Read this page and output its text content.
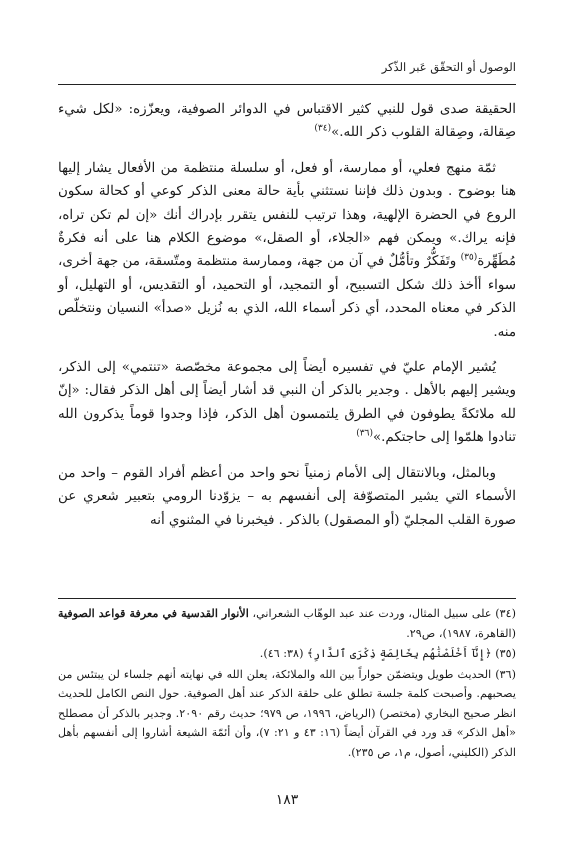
الوصول أو التحقّق عَبر الذّكر

الحقيقة صدى قول للنبي كثير الاقتباس في الدوائر الصوفية، ويعزّزه: «لكل شيء صِقالة، وصِقالة القلوب ذكر الله.»$^{(٣٤)}$

ثمّة منهج فعلي، أو ممارسة، أو فعل، أو سلسلة منتظمة من الأفعال يشار إليها هنا بوضوح . وبدون ذلك فإننا نستثني بأية حالة معنى الذكر كوعي أو كحالة سكون الروع في الحضرة الإلهية، وهذا ترتيب للنفس يتقرر بإدراك أنك «إن لم تكن تراه، فإنه يراك.» ويمكن فهم «الجلاء، أو الصقل،» موضوع الكلام هنا على أنه فكرةٌ مُطَهِّرة$^{(٣٥)}$ وتَفَكُّرٌ وتأمُّلٌ في آن من جهة، وممارسة منتظمة ومتّسقة، من جهة أخرى، سواء أأخذ ذلك شكل التسبيح، أو التمجيد، أو التحميد، أو التقديس، أو التهليل، أو الذكر في معناه المحدد، أي ذكر أسماء الله، الذي به نُزيل «صدأ» النسيان ونتخلّص منه.

يُشير الإمام عليّ في تفسيره أيضاً إلى مجموعة مخصّصة «تنتمي» إلى الذكر، ويشير إليهم بالأهل . وجدير بالذكر أن النبي قد أشار أيضاً إلى أهل الذكر فقال: «إنّ لله ملائكةً يطوفون في الطرق يلتمسون أهل الذكر، فإذا وجدوا قوماً يذكرون الله تنادوا هلمّوا إلى حاجتكم.»$^{(٣٦)}$

وبالمثل، وبالانتقال إلى الأمام زمنياً نحو واحد من أعظم أفراد القوم – واحد من الأسماء التي يشير المتصوّفة إلى أنفسهم به – يزوّدنا الرومي بتعبير شعري عن صورة القلب المجليّ (أو المصقول) بالذكر . فيخبرنا في المثنوي أنه

(٣٤) على سبيل المثال، وردت عند عبد الوهّاب الشعراني، الأنوار القدسية في معرفة قواعد الصوفية (القاهرة، ١٩٨٧)، ص٢٩.
(٣٥) ﴿إِنَّآ أَخْلَصْنَٰهُم بِخَالِصَةٍ ذِكْرَى ٱلدَّارِ﴾ (٣٨: ٤٦).
(٣٦) الحديث طويل ويتضمّن حواراً بين الله والملائكة، يعلن الله في نهايته أنهم جلساء لن يبتئس من يصحبهم. وأصبحت كلمة جلسة تطلق على حلقة الذكر عند أهل الصوفية. حول النص الكامل للحديث انظر صحيح البخاري (مختصر) (الرياض، ١٩٩٦، ص ٩٧٩؛ حديث رقم ٢٠٩٠. وجدير بالذكر أن مصطلح «أهل الذكر» قد ورد في القرآن أيضاً (١٦: ٤٣ و ٢١: ٧)، وأن أئمّة الشيعة أشاروا إلى أنفسهم بأهل الذكر (الكليني، أصول، م١، ص ٢٣٥).
١٨٣
